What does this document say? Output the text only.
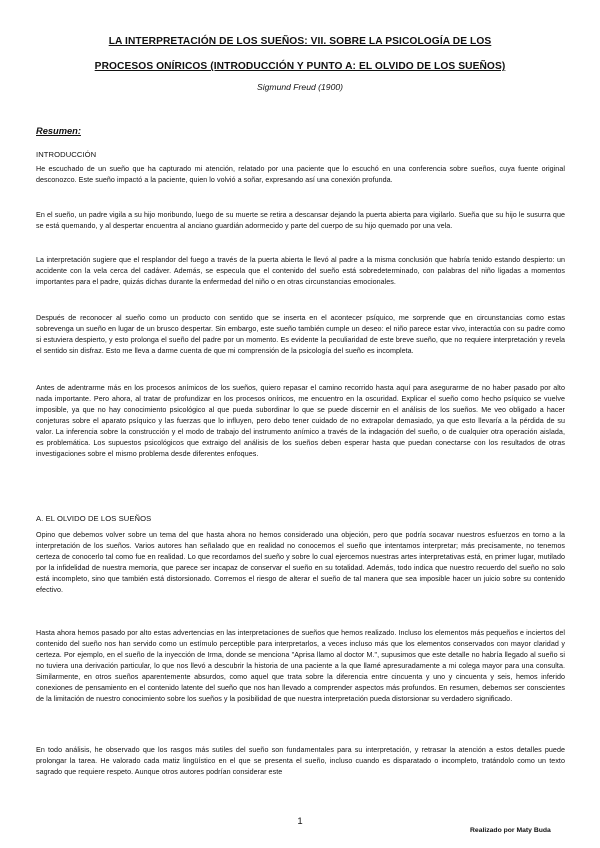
LA INTERPRETACIÓN DE LOS SUEÑOS: VII. SOBRE LA PSICOLOGÍA DE LOS
PROCESOS ONÍRICOS (INTRODUCCIÓN Y PUNTO A: EL OLVIDO DE LOS SUEÑOS)
Sigmund Freud (1900)
Resumen:
INTRODUCCIÓN

He escuchado de un sueño que ha capturado mi atención, relatado por una paciente que lo escuchó en una conferencia sobre sueños, cuya fuente original desconozco. Este sueño impactó a la paciente, quien lo volvió a soñar, expresando así una conexión profunda.

En el sueño, un padre vigila a su hijo moribundo, luego de su muerte se retira a descansar dejando la puerta abierta para vigilarlo. Sueña que su hijo le susurra que se está quemando, y al despertar encuentra al anciano guardián adormecido y parte del cuerpo de su hijo quemado por una vela.

La interpretación sugiere que el resplandor del fuego a través de la puerta abierta le llevó al padre a la misma conclusión que habría tenido estando despierto: un accidente con la vela cerca del cadáver. Además, se especula que el contenido del sueño está sobredeterminado, con palabras del niño ligadas a momentos importantes para el padre, quizás dichas durante la enfermedad del niño o en otras circunstancias emocionales.

Después de reconocer al sueño como un producto con sentido que se inserta en el acontecer psíquico, me sorprende que en circunstancias como estas sobrevenga un sueño en lugar de un brusco despertar. Sin embargo, este sueño también cumple un deseo: el niño parece estar vivo, interactúa con su padre como si estuviera despierto, y esto prolonga el sueño del padre por un momento. Es evidente la peculiaridad de este breve sueño, que no requiere interpretación y revela el sentido sin disfraz. Esto me lleva a darme cuenta de que mi comprensión de la psicología del sueño es incompleta.

Antes de adentrarme más en los procesos anímicos de los sueños, quiero repasar el camino recorrido hasta aquí para asegurarme de no haber pasado por alto nada importante. Pero ahora, al tratar de profundizar en los procesos oníricos, me encuentro en la oscuridad. Explicar el sueño como hecho psíquico se vuelve imposible, ya que no hay conocimiento psicológico al que pueda subordinar lo que se puede discernir en el análisis de los sueños. Me veo obligado a hacer conjeturas sobre el aparato psíquico y las fuerzas que lo influyen, pero debo tener cuidado de no extrapolar demasiado, ya que esto llevaría a la pérdida de su valor. La inferencia sobre la construcción y el modo de trabajo del instrumento anímico a través de la indagación del sueño, o de cualquier otra operación aislada, es problemática. Los supuestos psicológicos que extraigo del análisis de los sueños deben esperar hasta que puedan conectarse con los resultados de otras investigaciones sobre el mismo problema desde diferentes enfoques.

A. EL OLVIDO DE LOS SUEÑOS

Opino que debemos volver sobre un tema del que hasta ahora no hemos considerado una objeción, pero que podría socavar nuestros esfuerzos en torno a la interpretación de los sueños. Varios autores han señalado que en realidad no conocemos el sueño que intentamos interpretar; más precisamente, no tenemos certeza de conocerlo tal como fue en realidad. Lo que recordamos del sueño y sobre lo cual ejercemos nuestras artes interpretativas está, en primer lugar, mutilado por la infidelidad de nuestra memoria, que parece ser incapaz de conservar el sueño en su totalidad. Además, todo indica que nuestro recuerdo del sueño no solo está incompleto, sino que también está distorsionado. Corremos el riesgo de alterar el sueño de tal manera que sea imposible hacer un juicio sobre su contenido efectivo.

Hasta ahora hemos pasado por alto estas advertencias en las interpretaciones de sueños que hemos realizado. Incluso los elementos más pequeños e inciertos del contenido del sueño nos han servido como un estímulo perceptible para interpretarlos, a veces incluso más que los elementos conservados con mayor claridad y certeza. Por ejemplo, en el sueño de la inyección de Irma, donde se menciona "Aprisa llamo al doctor M.", supusimos que este detalle no habría llegado al sueño si no tuviera una derivación particular, lo que nos llevó a descubrir la historia de una paciente a la que llamé apresuradamente a mi colega mayor para una consulta. Similarmente, en otros sueños aparentemente absurdos, como aquel que trata sobre la diferencia entre cincuenta y uno y cincuenta y seis, hemos inferido conexiones de pensamiento en el contenido latente del sueño que nos han llevado a comprender aspectos más profundos. En resumen, debemos ser conscientes de la limitación de nuestro conocimiento sobre los sueños y la posibilidad de que nuestra interpretación pueda distorsionar su verdadero significado.

En todo análisis, he observado que los rasgos más sutiles del sueño son fundamentales para su interpretación, y retrasar la atención a estos detalles puede prolongar la tarea. He valorado cada matiz lingüístico en el que se presenta el sueño, incluso cuando es disparatado o incompleto, tratándolo como un texto sagrado que requiere respeto. Aunque otros autores podrían considerar este

1
Realizado por Maty Buda
